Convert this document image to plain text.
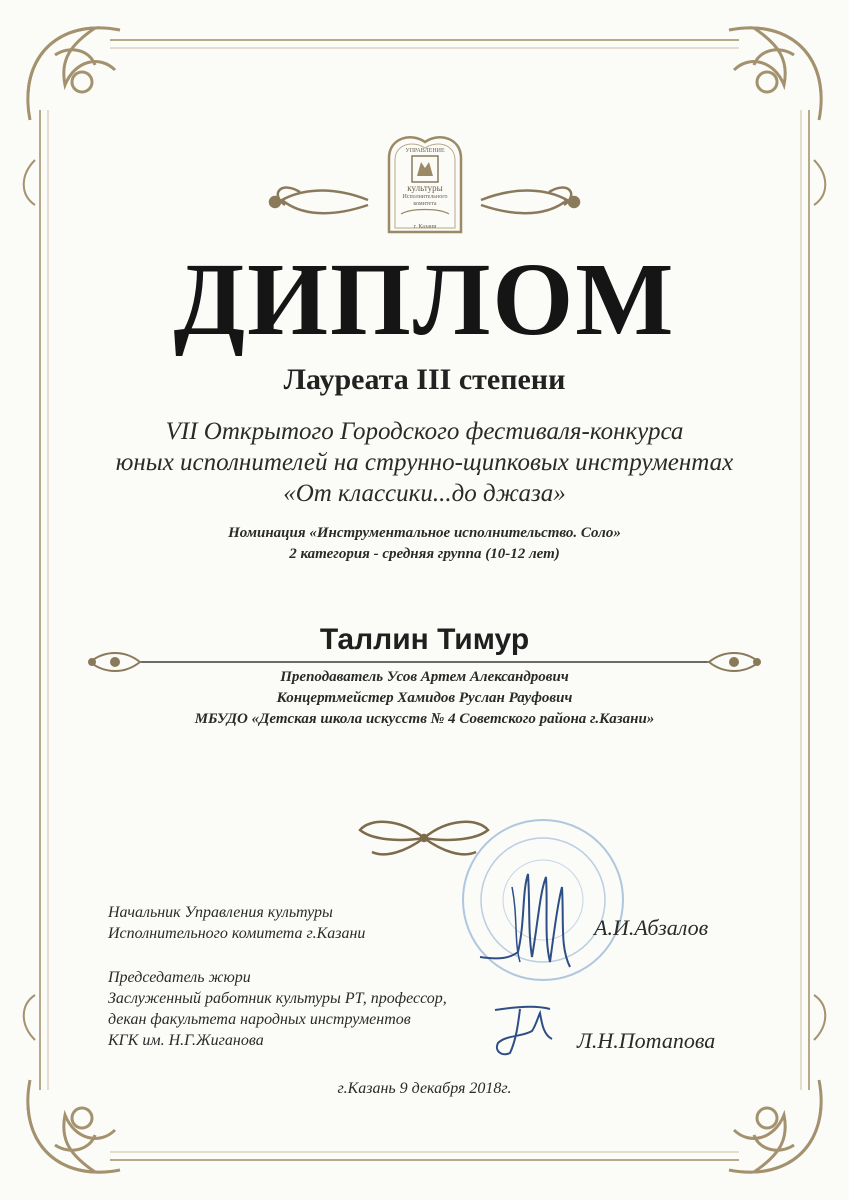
УПРАВЛЕНИЕ
культуры
Исполнительного
комитета
г. Казани
ДИПЛОМ
Лауреата III степени
VII Открытого Городского фестиваля-конкурса
юных исполнителей на струнно-щипковых инструментах
«От классики...до джаза»
Номинация «Инструментальное исполнительство. Соло»
2 категория - средняя группа (10-12 лет)
Таллин Тимур
Преподаватель Усов Артем Александрович
Концертмейстер Хамидов Руслан Рауфович
МБУДО «Детская школа искусств № 4 Советского района г.Казани»
Начальник Управления культуры
Исполнительного комитета г.Казани	А.И.Абзалов
Председатель жюри
Заслуженный работник культуры РТ, профессор,
декан факультета народных инструментов
КГК им. Н.Г.Жиганова	Л.Н.Потапова
г.Казань 9 декабря 2018г.
